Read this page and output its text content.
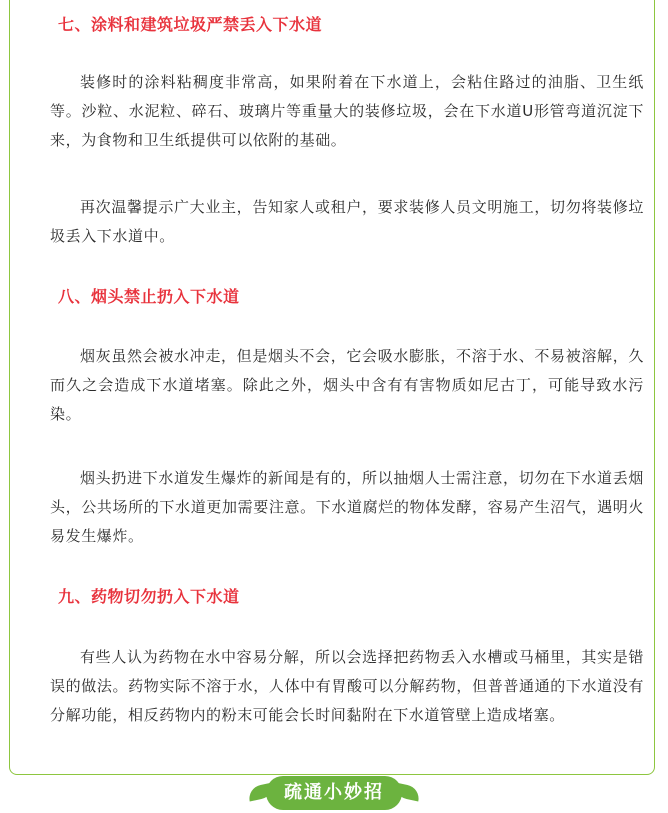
七、涂料和建筑垃圾严禁丢入下水道
装修时的涂料粘稠度非常高，如果附着在下水道上，会粘住路过的油脂、卫生纸等。沙粒、水泥粒、碎石、玻璃片等重量大的装修垃圾，会在下水道U形管弯道沉淀下来，为食物和卫生纸提供可以依附的基础。
再次温馨提示广大业主，告知家人或租户，要求装修人员文明施工，切勿将装修垃圾丢入下水道中。
八、烟头禁止扔入下水道
烟灰虽然会被水冲走，但是烟头不会，它会吸水膨胀，不溶于水、不易被溶解，久而久之会造成下水道堵塞。除此之外，烟头中含有有害物质如尼古丁，可能导致水污染。
烟头扔进下水道发生爆炸的新闻是有的，所以抽烟人士需注意，切勿在下水道丢烟头，公共场所的下水道更加需要注意。下水道腐烂的物体发酵，容易产生沼气，遇明火易发生爆炸。
九、药物切勿扔入下水道
有些人认为药物在水中容易分解，所以会选择把药物丢入水槽或马桶里，其实是错误的做法。药物实际不溶于水，人体中有胃酸可以分解药物，但普普通通的下水道没有分解功能，相反药物内的粉末可能会长时间黏附在下水道管壁上造成堵塞。
疏通小妙招
